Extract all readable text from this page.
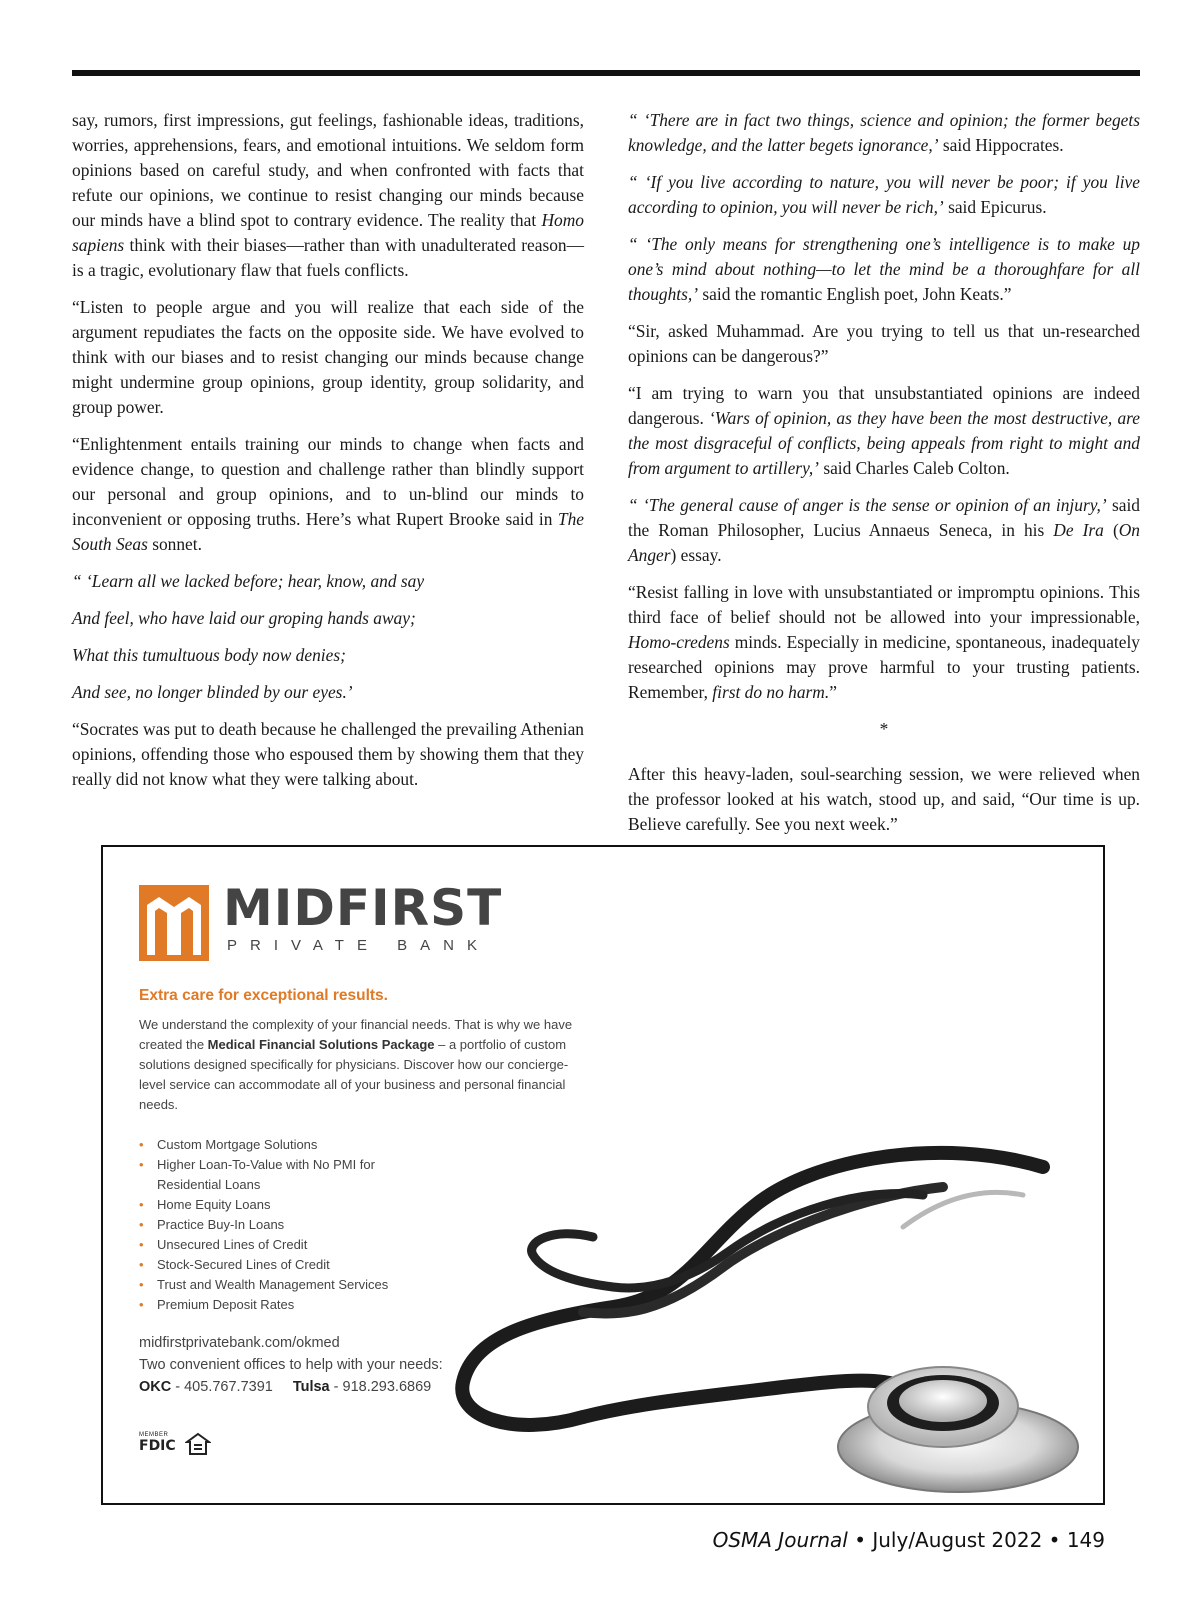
say, rumors, first impressions, gut feelings, fashionable ideas, traditions, worries, apprehensions, fears, and emotional intuitions. We seldom form opinions based on careful study, and when confronted with facts that refute our opinions, we continue to resist changing our minds because our minds have a blind spot to contrary evidence. The reality that Homo sapiens think with their biases—rather than with unadulterated reason—is a tragic, evolutionary flaw that fuels conflicts.

“Listen to people argue and you will realize that each side of the argument repudiates the facts on the opposite side. We have evolved to think with our biases and to resist changing our minds because change might undermine group opinions, group identity, group solidarity, and group power.

“Enlightenment entails training our minds to change when facts and evidence change, to question and challenge rather than blindly support our personal and group opinions, and to un-blind our minds to inconvenient or opposing truths. Here’s what Rupert Brooke said in The South Seas sonnet.

“ ‘Learn all we lacked before; hear, know, and say

And feel, who have laid our groping hands away;

What this tumultuous body now denies;

And see, no longer blinded by our eyes.’

“Socrates was put to death because he challenged the prevailing Athenian opinions, offending those who espoused them by showing them that they really did not know what they were talking about.

“ ‘There are in fact two things, science and opinion; the former begets knowledge, and the latter begets ignorance,’ said Hippocrates.

“ ‘If you live according to nature, you will never be poor; if you live according to opinion, you will never be rich,’ said Epicurus.

“ ‘The only means for strengthening one’s intelligence is to make up one’s mind about nothing—to let the mind be a thoroughfare for all thoughts,’ said the romantic English poet, John Keats.”

“Sir, asked Muhammad. Are you trying to tell us that un-researched opinions can be dangerous?”

“I am trying to warn you that unsubstantiated opinions are indeed dangerous. ‘Wars of opinion, as they have been the most destructive, are the most disgraceful of conflicts, being appeals from right to might and from argument to artillery,’ said Charles Caleb Colton.

“ ‘The general cause of anger is the sense or opinion of an injury,’ said the Roman Philosopher, Lucius Annaeus Seneca, in his De Ira (On Anger) essay.

“Resist falling in love with unsubstantiated or impromptu opinions. This third face of belief should not be allowed into your impressionable, Homo-credens minds. Especially in medicine, spontaneous, inadequately researched opinions may prove harmful to your trusting patients. Remember, first do no harm.”

*

After this heavy-laden, soul-searching session, we were relieved when the professor looked at his watch, stood up, and said, “Our time is up. Believe carefully. See you next week.”

MIDFIRST
PRIVATE BANK
Extra care for exceptional results.
We understand the complexity of your financial needs. That is why we have created the Medical Financial Solutions Package – a portfolio of custom solutions designed specifically for physicians. Discover how our concierge-level service can accommodate all of your business and personal financial needs.
• Custom Mortgage Solutions
• Higher Loan-To-Value with No PMI for Residential Loans
• Home Equity Loans
• Practice Buy-In Loans
• Unsecured Lines of Credit
• Stock-Secured Lines of Credit
• Trust and Wealth Management Services
• Premium Deposit Rates
midfirstprivatebank.com/okmed
Two convenient offices to help with your needs:
OKC - 405.767.7391 Tulsa - 918.293.6869
MEMBER
FDIC
OSMA Journal • July/August 2022 • 149
